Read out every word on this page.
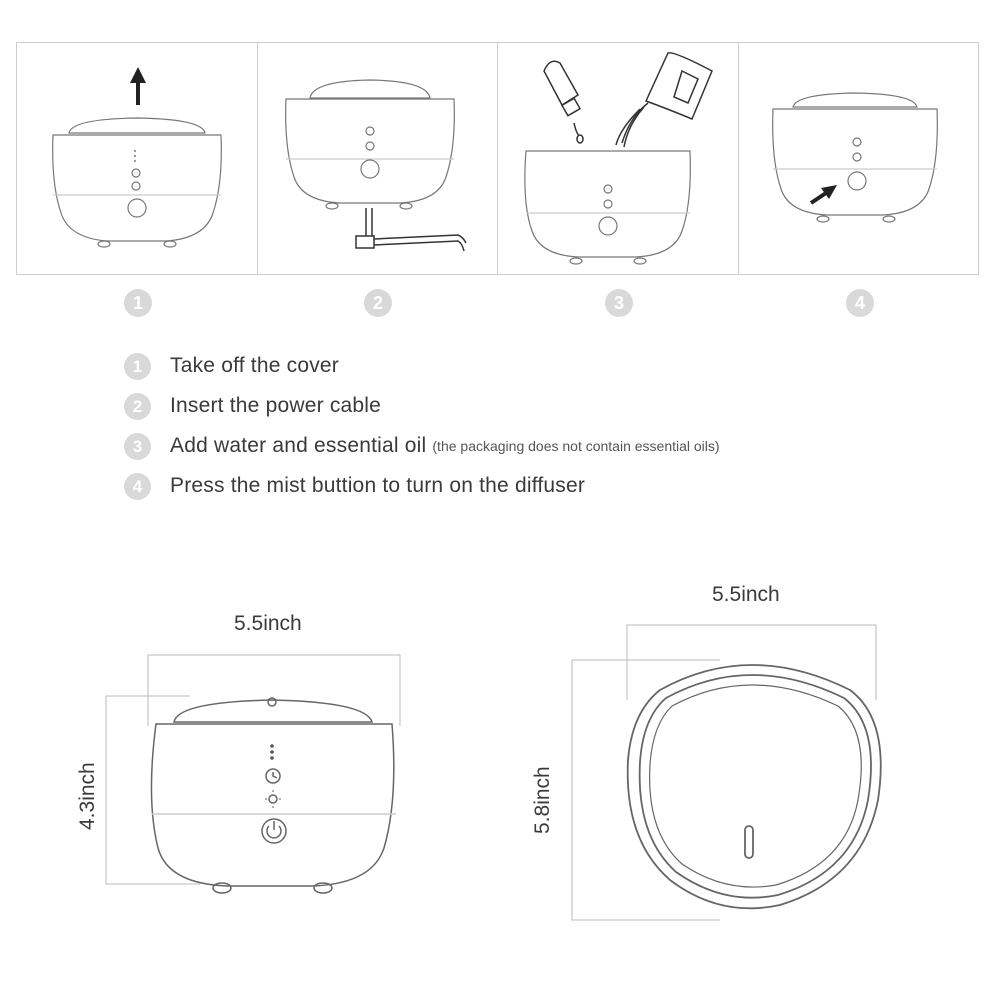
1	2	3	4
1	Take off the cover
2	Insert the power cable
3	Add water and essential oil (the packaging does not contain essential oils)
4	Press the mist buttion to turn on the diffuser
5.5inch
4.3inch
5.5inch
5.8inch
